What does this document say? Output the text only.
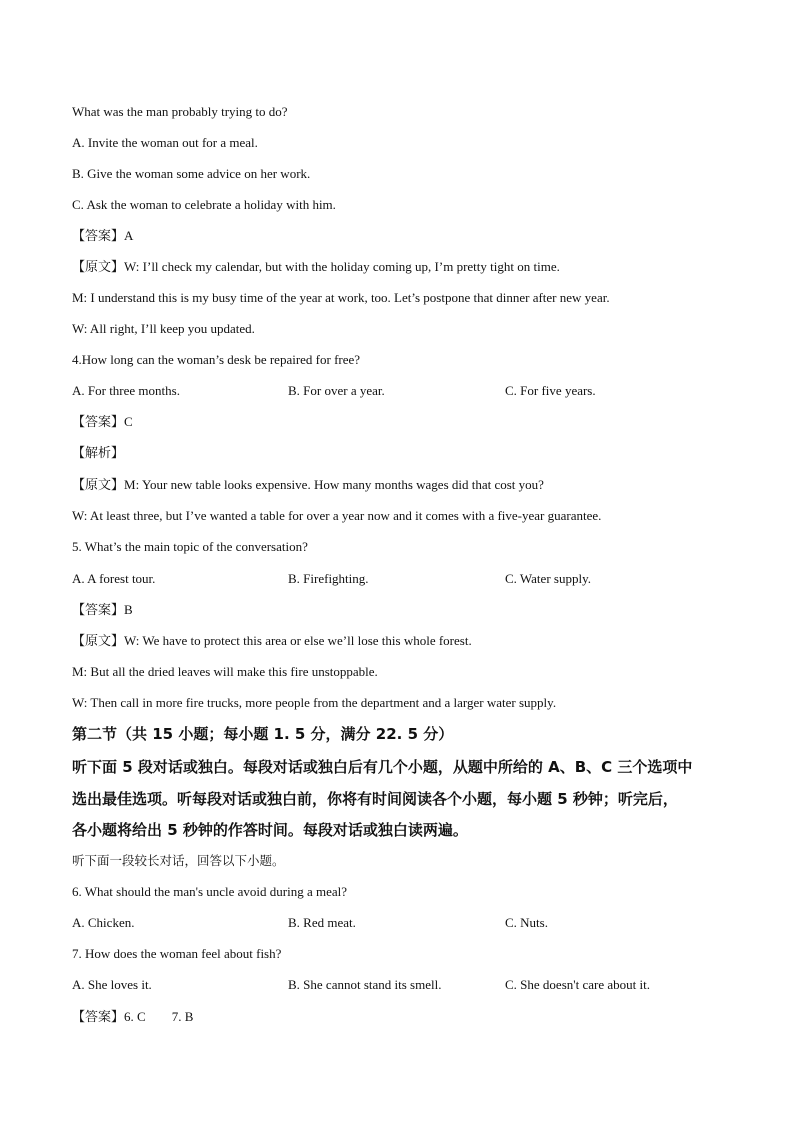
What was the man probably trying to do?
A. Invite the woman out for a meal.
B. Give the woman some advice on her work.
C. Ask the woman to celebrate a holiday with him.
【答案】A
【原文】W: I’ll check my calendar, but with the holiday coming up, I’m pretty tight on time.
M: I understand this is my busy time of the year at work, too. Let’s postpone that dinner after new year.
W: All right, I’ll keep you updated.
4.How long can the woman’s desk be repaired for free?
A. For three months.	B. For over a year.	C. For five years.
【答案】C
【解析】
【原文】M: Your new table looks expensive. How many months wages did that cost you?
W: At least three, but I’ve wanted a table for over a year now and it comes with a five-year guarantee.
5. What’s the main topic of the conversation?
A. A forest tour.	B. Firefighting.	C. Water supply.
【答案】B
【原文】W: We have to protect this area or else we’ll lose this whole forest.
M: But all the dried leaves will make this fire unstoppable.
W: Then call in more fire trucks, more people from the department and a larger water supply.
第二节（共 15 小题；每小题 1. 5 分，满分 22. 5 分）
听下面 5 段对话或独白。每段对话或独白后有几个小题，从题中所给的 A、B、C 三个选项中
选出最佳选项。听每段对话或独白前，你将有时间阅读各个小题，每小题 5 秒钟；听完后，
各小题将给出 5 秒钟的作答时间。每段对话或独白读两遍。
听下面一段较长对话，回答以下小题。
6. What should the man's uncle avoid during a meal?
A. Chicken.	B. Red meat.	C. Nuts.
7. How does the woman feel about fish?
A. She loves it.	B. She cannot stand its smell.	C. She doesn't care about it.
【答案】6. C 7. B
